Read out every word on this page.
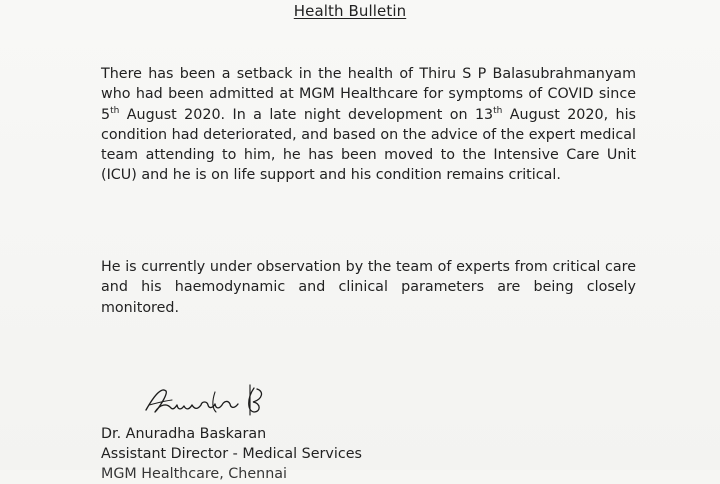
Health Bulletin

There has been a setback in the health of Thiru S P Balasubrahmanyam who had been admitted at MGM Healthcare for symptoms of COVID since 5th August 2020. In a late night development on 13th August 2020, his condition had deteriorated, and based on the advice of the expert medical team attending to him, he has been moved to the Intensive Care Unit (ICU) and he is on life support and his condition remains critical.

He is currently under observation by the team of experts from critical care and his haemodynamic and clinical parameters are being closely monitored.

Dr. Anuradha Baskaran
Assistant Director - Medical Services
MGM Healthcare, Chennai
